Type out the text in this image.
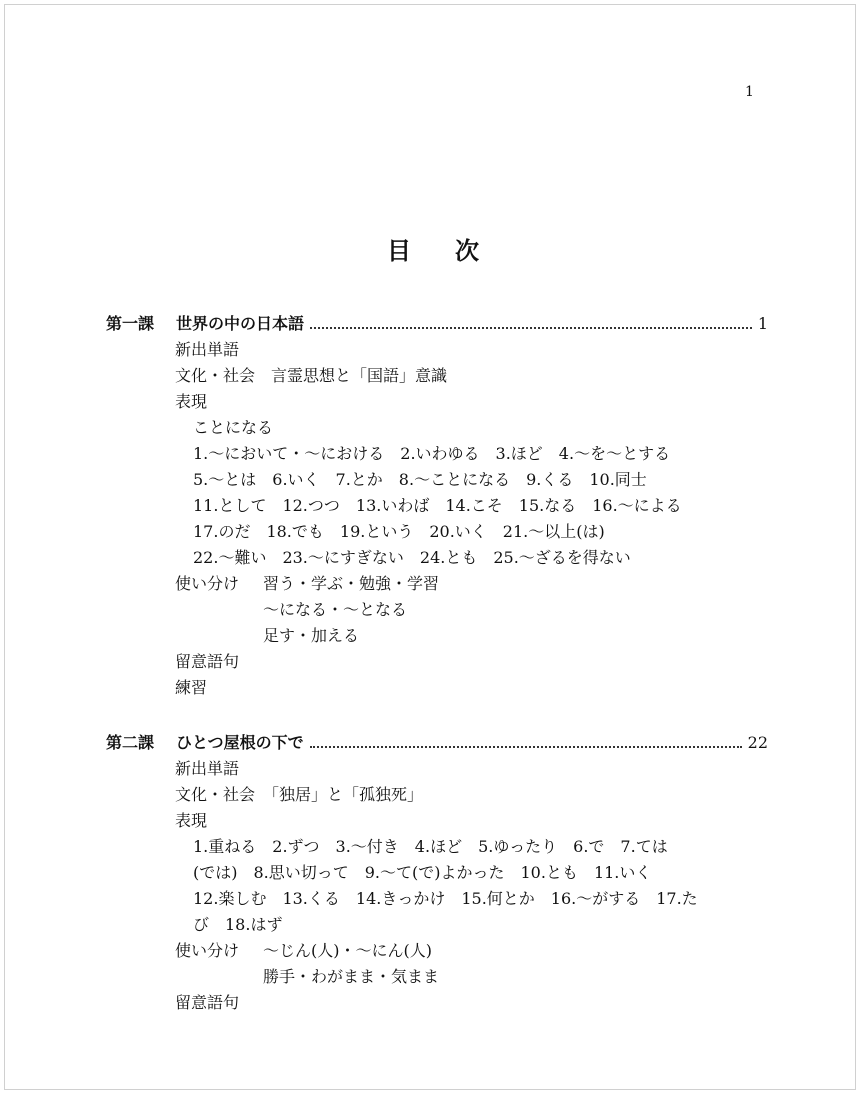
1
目次
第一課	世界の中の日本語	1
新出単語
文化・社会　言霊思想と「国語」意識
表現
ことになる
1.～において・～における　2.いわゆる　3.ほど　4.～を～とする
5.～とは　6.いく　7.とか　8.～ことになる　9.くる　10.同士
11.として　12.つつ　13.いわば　14.こそ　15.なる　16.～による
17.のだ　18.でも　19.という　20.いく　21.～以上(は)
22.～難い　23.～にすぎない　24.とも　25.～ざるを得ない
使い分け	習う・学ぶ・勉強・学習
～になる・～となる
足す・加える
留意語句
練習
第二課	ひとつ屋根の下で	22
新出単語
文化・社会　「独居」と「孤独死」
表現
1.重ねる　2.ずつ　3.～付き　4.ほど　5.ゆったり　6.で　7.ては
(では)　8.思い切って　9.～て(で)よかった　10.とも　11.いく
12.楽しむ　13.くる　14.きっかけ　15.何とか　16.～がする　17.た
び　18.はず
使い分け	～じん(人)・～にん(人)
勝手・わがまま・気まま
留意語句
